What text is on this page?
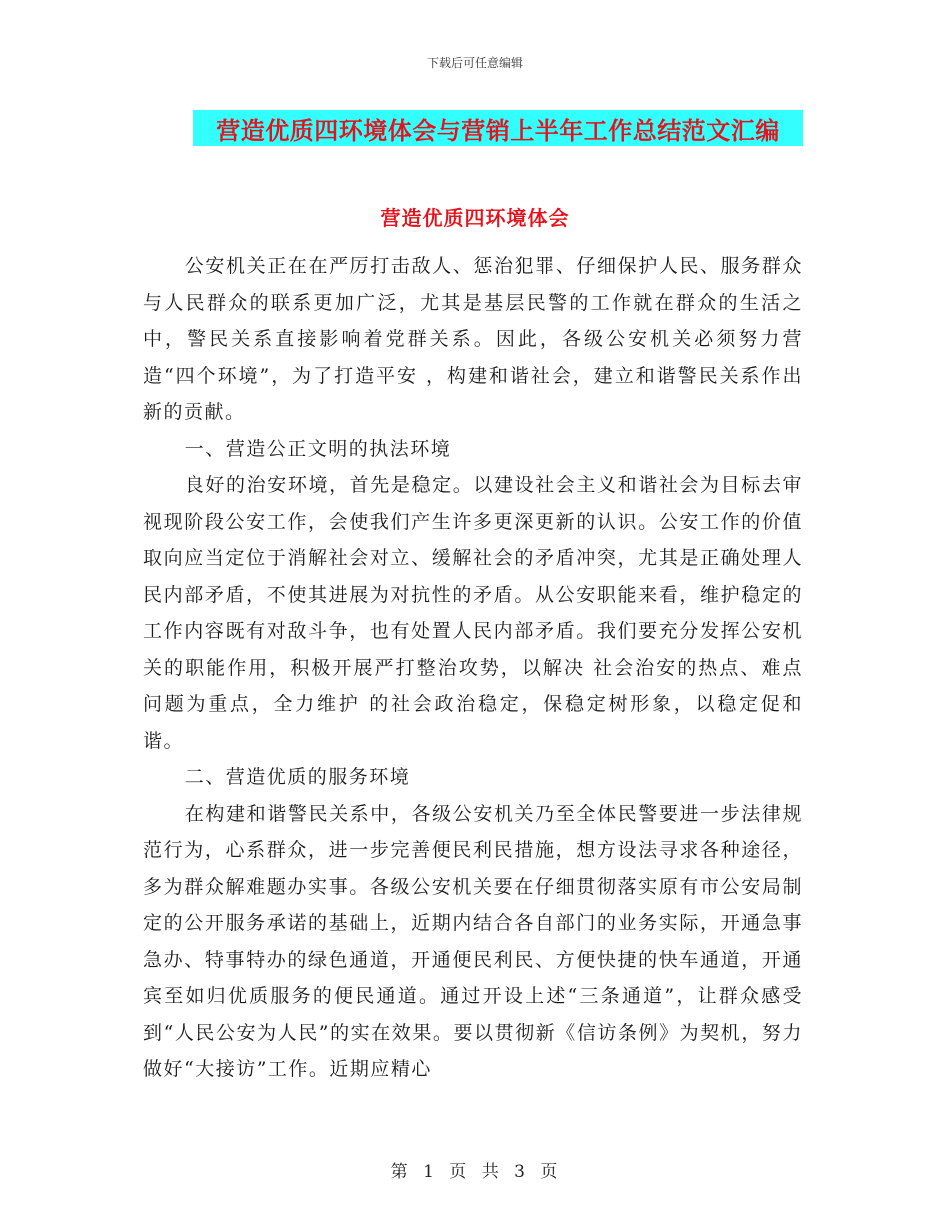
下载后可任意编辑
营造优质四环境体会与营销上半年工作总结范文汇编
营造优质四环境体会

公安机关正在在严厉打击敌人、惩治犯罪、仔细保护人民、服务群众与人民群众的联系更加广泛，尤其是基层民警的工作就在群众的生活之中，警民关系直接影响着党群关系。因此，各级公安机关必须努力营造“四个环境”，为了打造平安 ，构建和谐社会，建立和谐警民关系作出新的贡献。

一、营造公正文明的执法环境

良好的治安环境，首先是稳定。以建设社会主义和谐社会为目标去审视现阶段公安工作，会使我们产生许多更深更新的认识。公安工作的价值取向应当定位于消解社会对立、缓解社会的矛盾冲突，尤其是正确处理人民内部矛盾，不使其进展为对抗性的矛盾。从公安职能来看，维护稳定的工作内容既有对敌斗争，也有处置人民内部矛盾。我们要充分发挥公安机关的职能作用，积极开展严打整治攻势，以解决 社会治安的热点、难点问题为重点，全力维护 的社会政治稳定，保稳定树形象，以稳定促和谐。

二、营造优质的服务环境

在构建和谐警民关系中，各级公安机关乃至全体民警要进一步法律规范行为，心系群众，进一步完善便民利民措施，想方设法寻求各种途径，多为群众解难题办实事。各级公安机关要在仔细贯彻落实原有市公安局制定的公开服务承诺的基础上，近期内结合各自部门的业务实际，开通急事急办、特事特办的绿色通道，开通便民利民、方便快捷的快车通道，开通宾至如归优质服务的便民通道。通过开设上述“三条通道”，让群众感受到“人民公安为人民”的实在效果。要以贯彻新《信访条例》为契机，努力做好“大接访”工作。近期应精心

第 1 页 共 3 页
